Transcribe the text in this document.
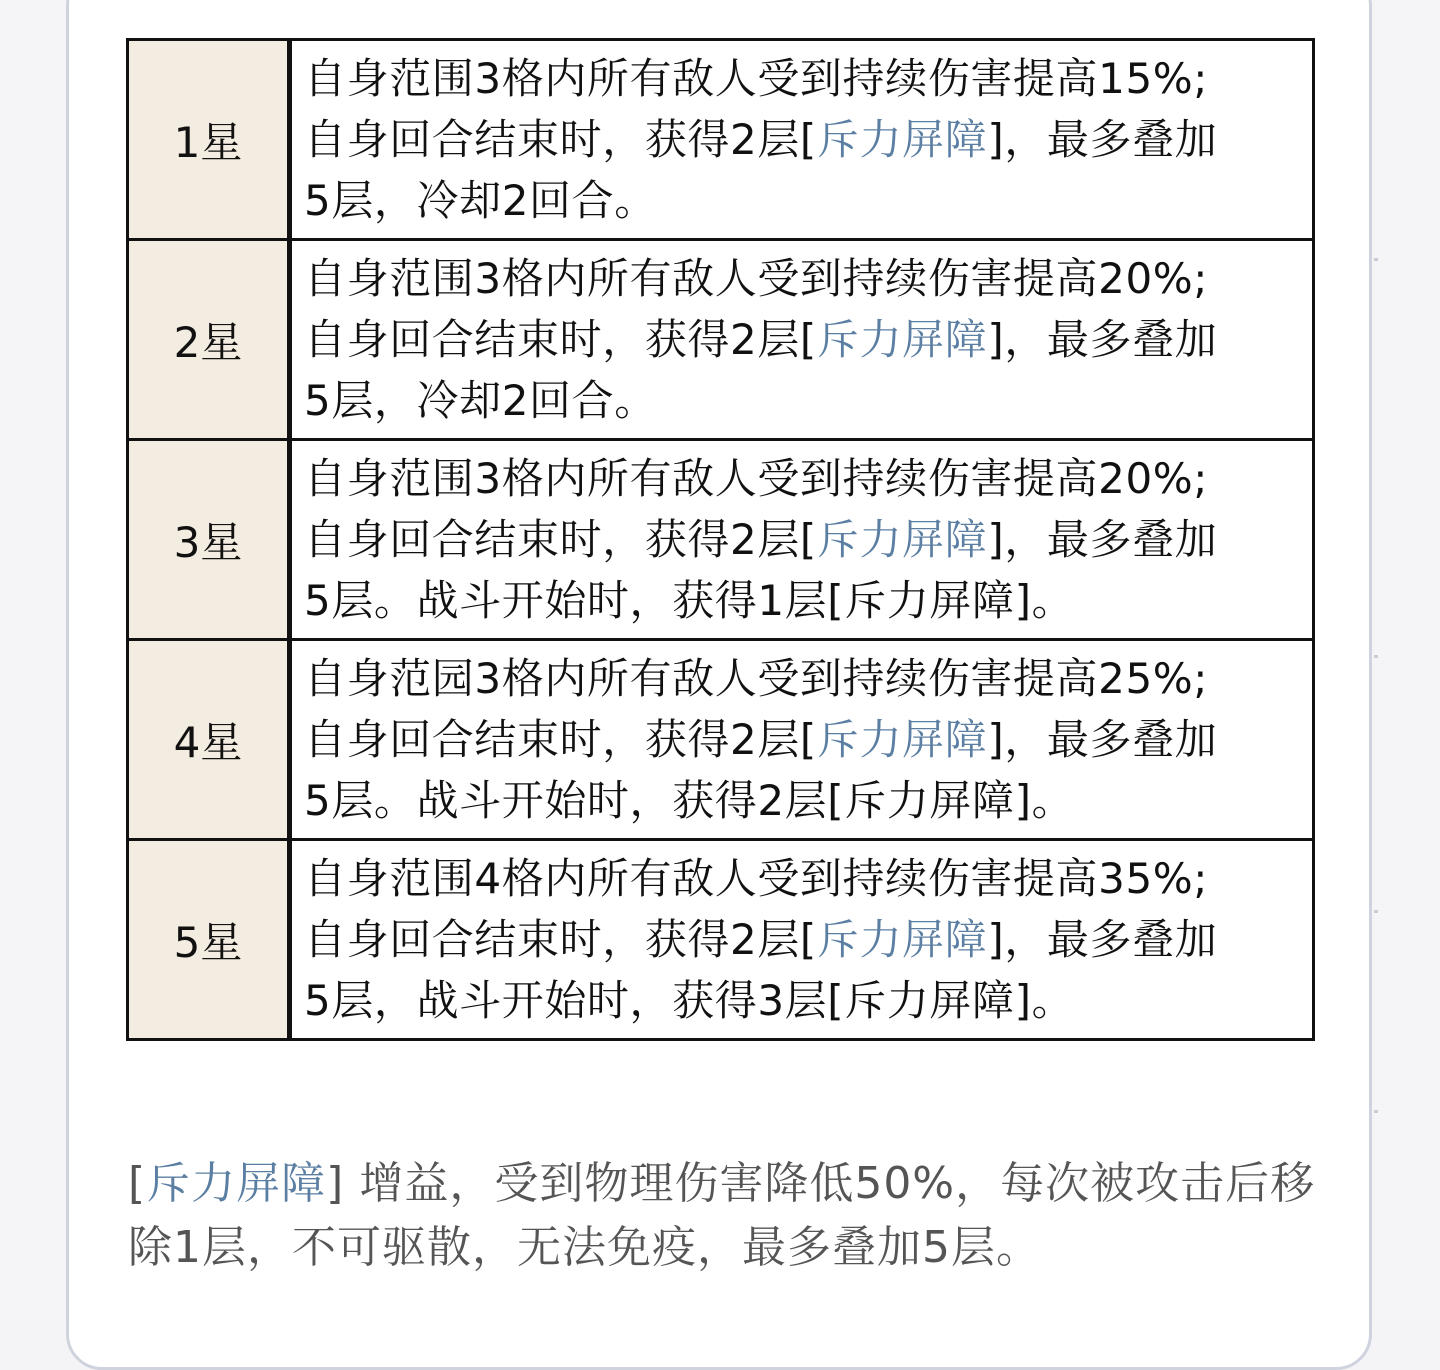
1星	自身范围3格内所有敌人受到持续伤害提高15%;
自身回合结束时，获得2层[斥力屏障]，最多叠加
5层，冷却2回合。

2星	自身范围3格内所有敌人受到持续伤害提高20%;
自身回合结束时，获得2层[斥力屏障]，最多叠加
5层，冷却2回合。

3星	自身范围3格内所有敌人受到持续伤害提高20%;
自身回合结束时，获得2层[斥力屏障]，最多叠加
5层。战斗开始时，获得1层[斥力屏障]。

4星	自身范园3格内所有敌人受到持续伤害提高25%;
自身回合结束时，获得2层[斥力屏障]，最多叠加
5层。战斗开始时，获得2层[斥力屏障]。

5星	自身范围4格内所有敌人受到持续伤害提高35%;
自身回合结束时，获得2层[斥力屏障]，最多叠加
5层，战斗开始时，获得3层[斥力屏障]。
[斥力屏障] 增益，受到物理伤害降低50%，每次被攻击后移除1层，不可驱散，无法免疫，最多叠加5层。
